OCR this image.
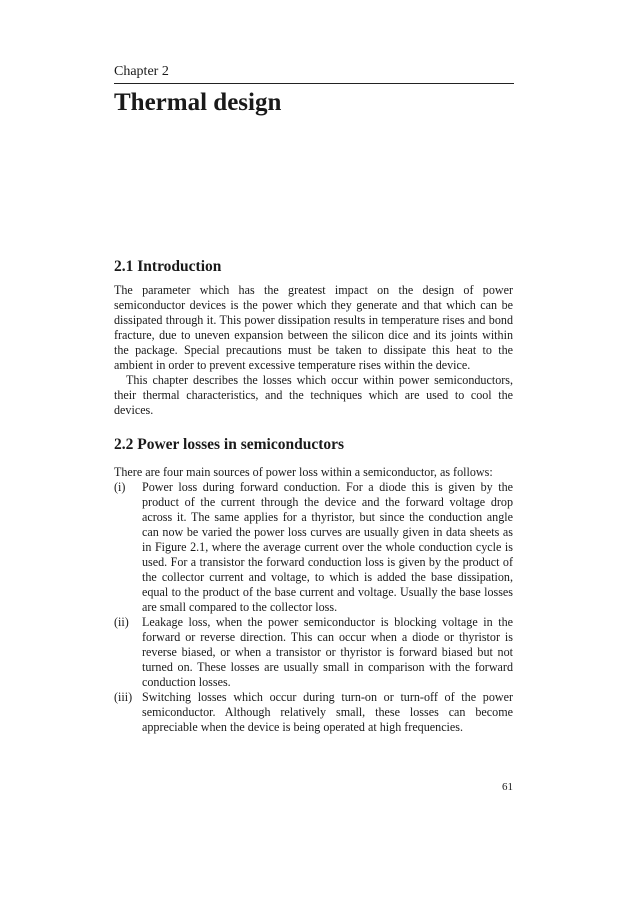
Chapter 2
Thermal design
2.1 Introduction

The parameter which has the greatest impact on the design of power semiconductor devices is the power which they generate and that which can be dissipated through it. This power dissipation results in temperature rises and bond fracture, due to uneven expansion between the silicon dice and its joints within the package. Special precautions must be taken to dissipate this heat to the ambient in order to prevent excessive temperature rises within the device.

This chapter describes the losses which occur within power semiconductors, their thermal characteristics, and the techniques which are used to cool the devices.

2.2 Power losses in semiconductors

There are four main sources of power loss within a semiconductor, as follows:

(i)	Power loss during forward conduction. For a diode this is given by the product of the current through the device and the forward voltage drop across it. The same applies for a thyristor, but since the conduction angle can now be varied the power loss curves are usually given in data sheets as in Figure 2.1, where the average current over the whole conduction cycle is used. For a transistor the forward conduction loss is given by the product of the collector current and voltage, to which is added the base dissipation, equal to the product of the base current and voltage. Usually the base losses are small compared to the collector loss.
(ii)	Leakage loss, when the power semiconductor is blocking voltage in the forward or reverse direction. This can occur when a diode or thyristor is reverse biased, or when a transistor or thyristor is forward biased but not turned on. These losses are usually small in comparison with the forward conduction losses.
(iii) Switching losses which occur during turn-on or turn-off of the power semiconductor. Although relatively small, these losses can become appreciable when the device is being operated at high frequencies.
61
